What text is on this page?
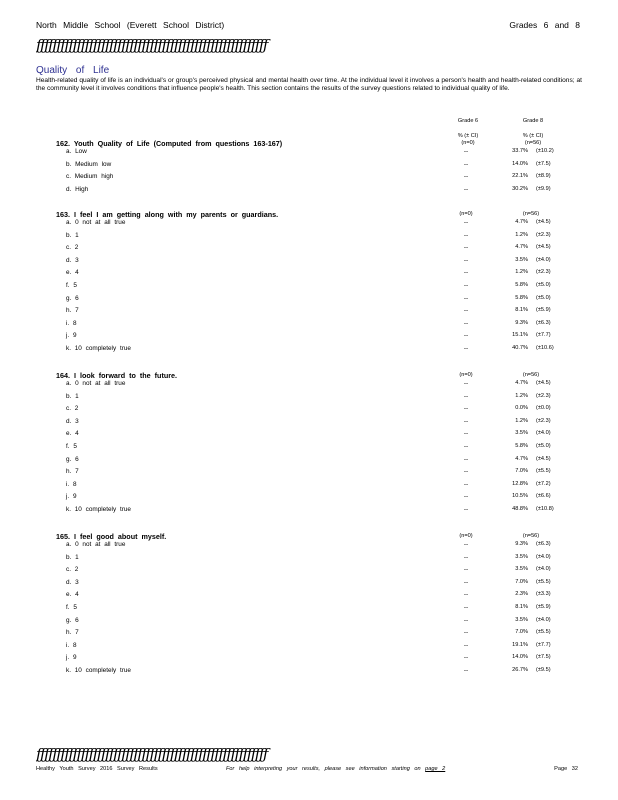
North Middle School (Everett School District)	Grades 6 and 8
ƒƒƒƒƒƒƒƒƒƒƒƒƒƒƒƒƒƒƒƒƒƒƒƒƒƒƒƒƒƒƒƒƒƒƒƒƒƒƒƒƒƒƒƒƒƒƒƒƒƒƒƒƒƒƒƒƒ
Quality of Life
Health-related quality of life is an individual's or group's perceived physical and mental health over time. At the individual level it involves a person's health and health-related conditions; at the community level it involves conditions that influence people's health. This section contains the results of the survey questions related to individual quality of life.
Grade 6	Grade 8
% (± CI)
(n=0)
% (± CI)
(n=56)
162. Youth Quality of Life (Computed from questions 163-167)
a. Low	--	33.7% (±10.2)
b. Medium low	--	14.0% (±7.5)
c. Medium high	--	22.1% (±8.9)
d. High	--	30.2% (±9.9)
163. I feel I am getting along with my parents or guardians.	(n=0)	(n=56)
a. 0 not at all true	--	4.7% (±4.5)
b. 1	--	1.2% (±2.3)
c. 2	--	4.7% (±4.5)
d. 3	--	3.5% (±4.0)
e. 4	--	1.2% (±2.3)
f. 5	--	5.8% (±5.0)
g. 6	--	5.8% (±5.0)
h. 7	--	8.1% (±5.9)
i. 8	--	9.3% (±6.3)
j. 9	--	15.1% (±7.7)
k. 10 completely true	--	40.7% (±10.6)
164. I look forward to the future.	(n=0)	(n=56)
a. 0 not at all true	--	4.7% (±4.5)
b. 1	--	1.2% (±2.3)
c. 2	--	0.0% (±0.0)
d. 3	--	1.2% (±2.3)
e. 4	--	3.5% (±4.0)
f. 5	--	5.8% (±5.0)
g. 6	--	4.7% (±4.5)
h. 7	--	7.0% (±5.5)
i. 8	--	12.8% (±7.2)
j. 9	--	10.5% (±6.6)
k. 10 completely true	--	48.8% (±10.8)
165. I feel good about myself.	(n=0)	(n=56)
a. 0 not at all true	--	9.3% (±6.3)
b. 1	--	3.5% (±4.0)
c. 2	--	3.5% (±4.0)
d. 3	--	7.0% (±5.5)
e. 4	--	2.3% (±3.3)
f. 5	--	8.1% (±5.9)
g. 6	--	3.5% (±4.0)
h. 7	--	7.0% (±5.5)
i. 8	--	19.1% (±7.7)
j. 9	--	14.0% (±7.5)
k. 10 completely true	--	26.7% (±9.5)
ƒƒƒƒƒƒƒƒƒƒƒƒƒƒƒƒƒƒƒƒƒƒƒƒƒƒƒƒƒƒƒƒƒƒƒƒƒƒƒƒƒƒƒƒƒƒƒƒƒƒƒƒƒƒƒƒƒ
Healthy Youth Survey 2016 Survey Results	For help interpreting your results, please see information starting on page 2	Page 32
